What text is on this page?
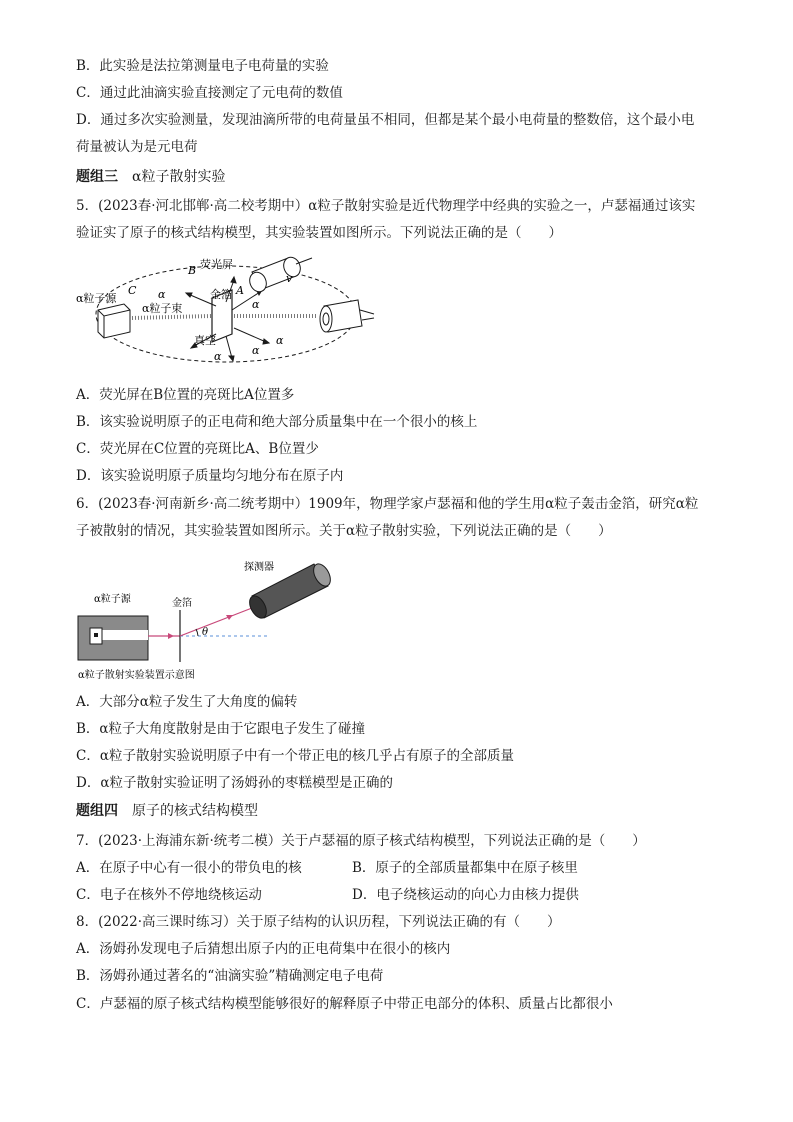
B．此实验是法拉第测量电子电荷量的实验
C．通过此油滴实验直接测定了元电荷的数值
D．通过多次实验测量，发现油滴所带的电荷量虽不相同，但都是某个最小电荷量的整数倍，这个最小电
荷量被认为是元电荷
题组三 α粒子散射实验
5．(2023春·河北邯郸·高二校考期中）α粒子散射实验是近代物理学中经典的实验之一，卢瑟福通过该实
验证实了原子的核式结构模型，其实验装置如图所示。下列说法正确的是（　　）
α粒子源
α粒子束
金箔
荧光屏
真空
A
B
C
v
α
α
α
α
α
A．荧光屏在B位置的亮斑比A位置多
B．该实验说明原子的正电荷和绝大部分质量集中在一个很小的核上
C．荧光屏在C位置的亮斑比A、B位置少
D．该实验说明原子质量均匀地分布在原子内
6．(2023春·河南新乡·高二统考期中）1909年，物理学家卢瑟福和他的学生用α粒子轰击金箔，研究α粒
子被散射的情况，其实验装置如图所示。关于α粒子散射实验，下列说法正确的是（　　）
α粒子源	金箔
探测器
θ
α粒子散射实验装置示意图
A．大部分α粒子发生了大角度的偏转
B．α粒子大角度散射是由于它跟电子发生了碰撞
C．α粒子散射实验说明原子中有一个带正电的核几乎占有原子的全部质量
D．α粒子散射实验证明了汤姆孙的枣糕模型是正确的
题组四 原子的核式结构模型
7．(2023·上海浦东新·统考二模）关于卢瑟福的原子核式结构模型，下列说法正确的是（　　）
A．在原子中心有一很小的带负电的核	B．原子的全部质量都集中在原子核里
C．电子在核外不停地绕核运动	D．电子绕核运动的向心力由核力提供
8．(2022·高三课时练习）关于原子结构的认识历程，下列说法正确的有（　　）
A．汤姆孙发现电子后猜想出原子内的正电荷集中在很小的核内
B．汤姆孙通过著名的“油滴实验”精确测定电子电荷
C．卢瑟福的原子核式结构模型能够很好的解释原子中带正电部分的体积、质量占比都很小
